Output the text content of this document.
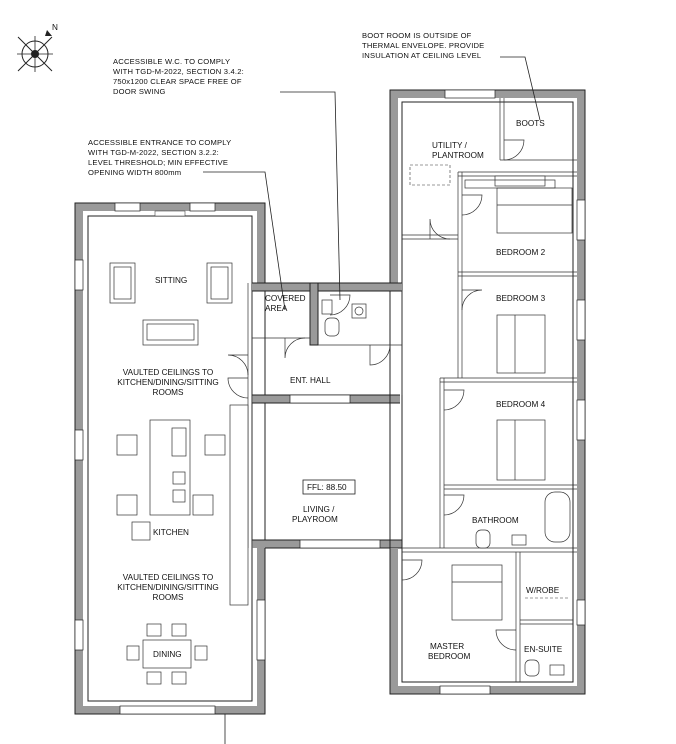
N
BOOT ROOM IS OUTSIDE OF
THERMAL ENVELOPE. PROVIDE
INSULATION AT CEILING LEVEL
ACCESSIBLE W.C. TO COMPLY
WITH TGD-M-2022, SECTION 3.4.2:
750x1200 CLEAR SPACE FREE OF
DOOR SWING
ACCESSIBLE ENTRANCE TO COMPLY
WITH TGD-M-2022, SECTION 3.2.2:
LEVEL THRESHOLD; MIN EFFECTIVE
OPENING WIDTH 800mm
SITTING
VAULTED CEILINGS TO
KITCHEN/DINING/SITTING
ROOMS
KITCHEN
VAULTED CEILINGS TO
KITCHEN/DINING/SITTING
ROOMS
DINING
COVERED
AREA
ENT. HALL
FFL: 88.50
LIVING /
PLAYROOM
UTILITY /
PLANTROOM
BOOTS
BEDROOM 2
BEDROOM 3
BEDROOM 4
BATHROOM
W/ROBE
MASTER
BEDROOM
EN-SUITE
